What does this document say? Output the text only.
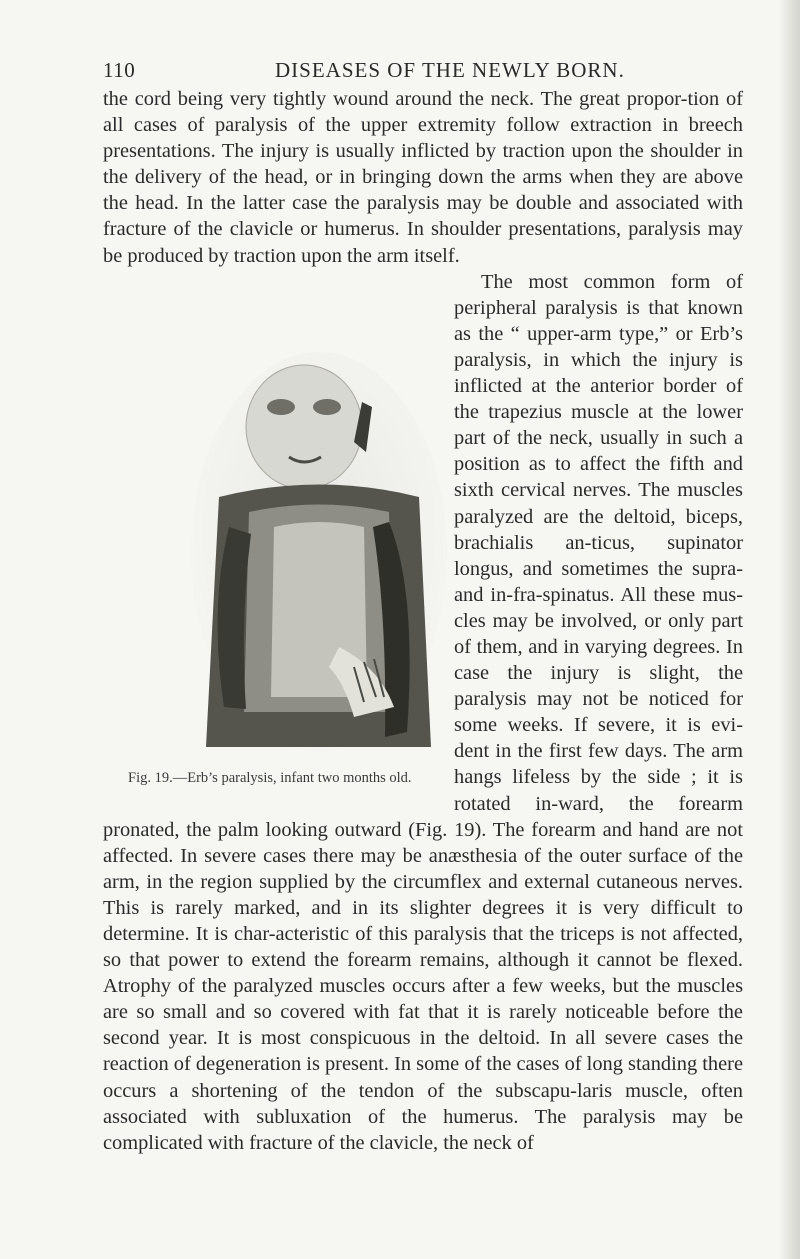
110	DISEASES OF THE NEWLY BORN.

the cord being very tightly wound around the neck. The great propor-tion of all cases of paralysis of the upper extremity follow extraction in breech presentations. The injury is usually inflicted by traction upon the shoulder in the delivery of the head, or in bringing down the arms when they are above the head. In the latter case the paralysis may be double and associated with fracture of the clavicle or humerus. In shoulder presentations, paralysis may be produced by traction upon the arm itself.

Fig. 19.—Erb’s paralysis, infant two months old.
The most common form of peripheral paralysis is that known as the “ upper-arm type,” or Erb’s paralysis, in which the injury is inflicted at the anterior border of the trapezius muscle at the lower part of the neck, usually in such a position as to affect the fifth and sixth cervical nerves. The muscles paralyzed are the deltoid, biceps, brachialis an-ticus, supinator longus, and sometimes the supra- and in-fra-spinatus. All these mus-cles may be involved, or only part of them, and in varying degrees. In case the injury is slight, the paralysis may not be noticed for some weeks. If severe, it is evi-dent in the first few days. The arm hangs lifeless by the side ; it is rotated in-ward, the forearm pronated, the palm looking outward (Fig. 19). The forearm and hand are not affected. In severe cases there may be anæsthesia of the outer surface of the arm, in the region supplied by the circumflex and external cutaneous nerves. This is rarely marked, and in its slighter degrees it is very difficult to determine. It is char-acteristic of this paralysis that the triceps is not affected, so that power to extend the forearm remains, although it cannot be flexed. Atrophy of the paralyzed muscles occurs after a few weeks, but the muscles are so small and so covered with fat that it is rarely noticeable before the second year. It is most conspicuous in the deltoid. In all severe cases the reaction of degeneration is present. In some of the cases of long standing there occurs a shortening of the tendon of the subscapu-laris muscle, often associated with subluxation of the humerus. The paralysis may be complicated with fracture of the clavicle, the neck of
